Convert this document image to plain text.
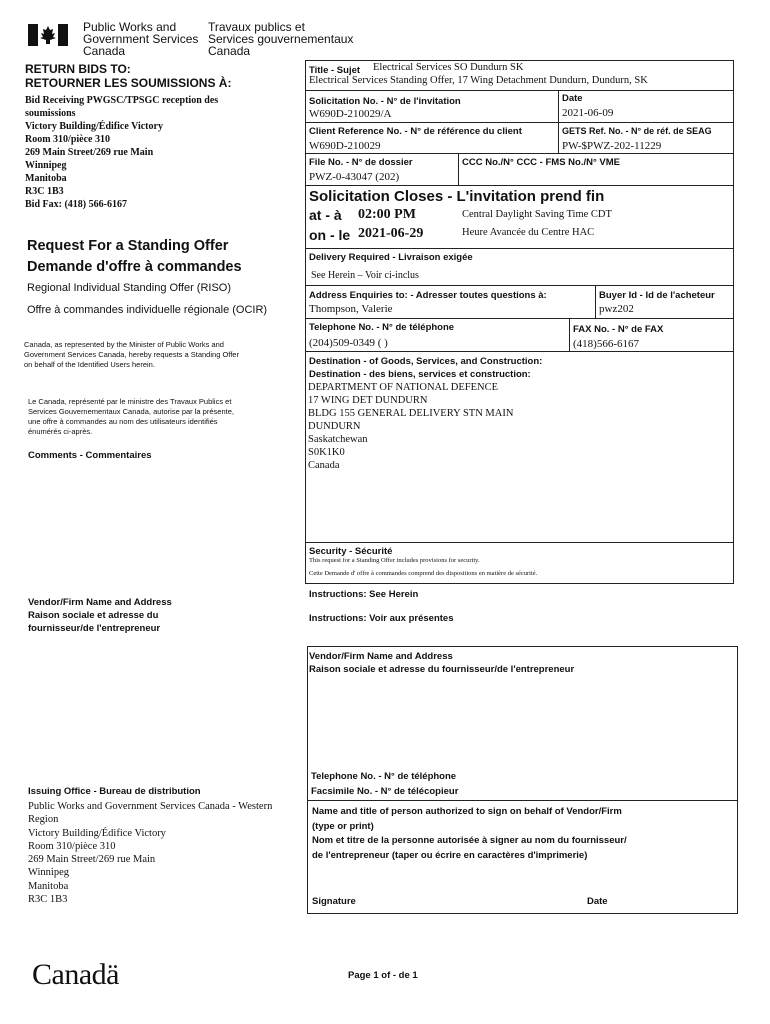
Public Works and
Government Services
Canada
Travaux publics et
Services gouvernementaux
Canada
RETURN BIDS TO:
RETOURNER LES SOUMISSIONS À:
Bid Receiving PWGSC/TPSGC reception des
soumissions
Victory Building/Édifice Victory
Room 310/pièce 310
269 Main Street/269 rue Main
Winnipeg
Manitoba
R3C 1B3
Bid Fax: (418) 566-6167
Request For a Standing Offer
Demande d'offre à commandes
Regional Individual Standing Offer (RISO)
Offre à commandes individuelle régionale (OCIR)
Canada, as represented by the Minister of Public Works and
Government Services Canada, hereby requests a Standing Offer
on behalf of the Identified Users herein.
Le Canada, représenté par le ministre des Travaux Publics et
Services Gouvernementaux Canada, autorise par la présente,
une offre à commandes au nom des utilisateurs identifiés
énumérés ci-après.
Comments - Commentaires
Vendor/Firm Name and Address
Raison sociale et adresse du
fournisseur/de l'entrepreneur
Issuing Office - Bureau de distribution
Public Works and Government Services Canada - Western
Region
Victory Building/Édifice Victory
Room 310/pièce 310
269 Main Street/269 rue Main
Winnipeg
Manitoba
R3C 1B3
Title - Sujet Electrical Services SO Dundurn SK
Electrical Services Standing Offer, 17 Wing Detachment Dundurn, Dundurn, SK
Solicitation No. - N° de l'invitation
W690D-210029/A
Date
2021-06-09
Client Reference No. - N° de référence du client
W690D-210029
GETS Ref. No. - N° de réf. de SEAG
PW-$PWZ-202-11229
File No. - N° de dossier
PWZ-0-43047 (202)
CCC No./N° CCC - FMS No./N° VME
Solicitation Closes - L'invitation prend fin
at - à 02:00 PM	Central Daylight Saving Time CDT
on - le 2021-06-29	Heure Avancée du Centre HAC
Delivery Required - Livraison exigée
See Herein – Voir ci-inclus
Address Enquiries to: - Adresser toutes questions à:
Thompson, Valerie
Buyer Id - Id de l'acheteur
pwz202
Telephone No. - N° de téléphone
(204)509-0349 ( )
FAX No. - N° de FAX
(418)566-6167
Destination - of Goods, Services, and Construction:
Destination - des biens, services et construction:
DEPARTMENT OF NATIONAL DEFENCE
17 WING DET DUNDURN
BLDG 155 GENERAL DELIVERY STN MAIN
DUNDURN
Saskatchewan
S0K1K0
Canada
Security - Sécurité
This request for a Standing Offer includes provisions for security.
Cette Demande d' offre à commandes comprend des dispositions en matière de sécurité.
Instructions: See Herein
Instructions: Voir aux présentes
Vendor/Firm Name and Address
Raison sociale et adresse du fournisseur/de l'entrepreneur
Telephone No. - N° de téléphone
Facsimile No. - N° de télécopieur
Name and title of person authorized to sign on behalf of Vendor/Firm
(type or print)
Nom et titre de la personne autorisée à signer au nom du fournisseur/
de l'entrepreneur (taper ou écrire en caractères d'imprimerie)
Signature	Date
Canadä	Page 1 of - de 1
